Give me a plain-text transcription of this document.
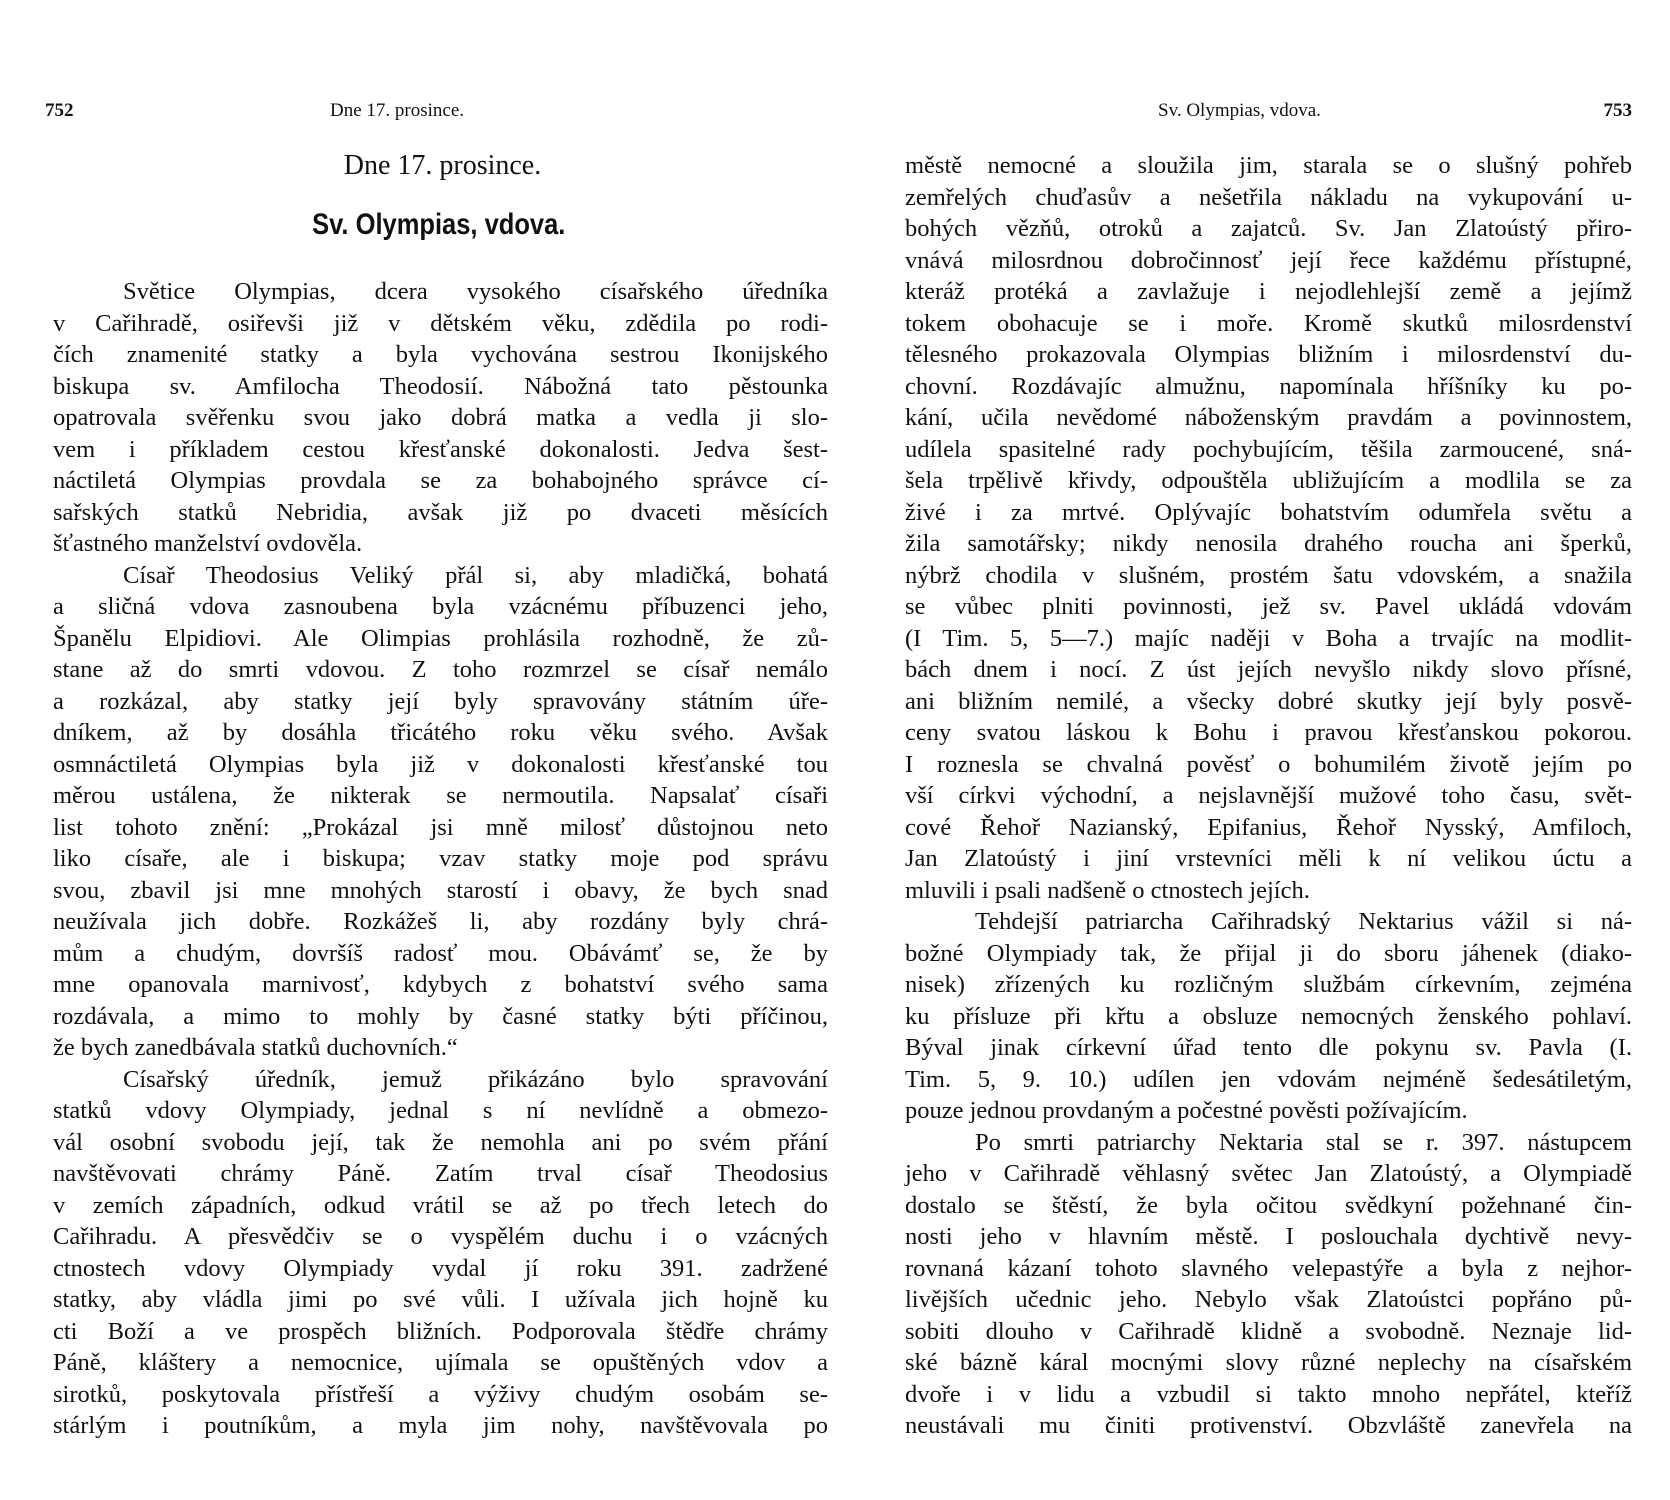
752	Dne 17. prosince.
Dne 17. prosince.
Sv. Olympias, vdova.
Světice Olympias, dcera vysokého císařského úředníka
v Cařihradě, osiřevši již v dětském věku, zdědila po rodi-
čích znamenité statky a byla vychována sestrou Ikonijského
biskupa sv. Amfilocha Theodosií. Nábožná tato pěstounka
opatrovala svěřenku svou jako dobrá matka a vedla ji slo-
vem i příkladem cestou křesťanské dokonalosti. Jedva šest-
náctiletá Olympias provdala se za bohabojného správce cí-
sařských statků Nebridia, avšak již po dvaceti měsících
šťastného manželství ovdověla.
Císař Theodosius Veliký přál si, aby mladičká, bohatá
a sličná vdova zasnoubena byla vzácnému příbuzenci jeho,
Španělu Elpidiovi. Ale Olimpias prohlásila rozhodně, že zů-
stane až do smrti vdovou. Z toho rozmrzel se císař nemálo
a rozkázal, aby statky její byly spravovány státním úře-
dníkem, až by dosáhla třicátého roku věku svého. Avšak
osmnáctiletá Olympias byla již v dokonalosti křesťanské tou
měrou ustálena, že nikterak se nermoutila. Napsalať císaři
list tohoto znění: „Prokázal jsi mně milosť důstojnou neto
liko císaře, ale i biskupa; vzav statky moje pod správu
svou, zbavil jsi mne mnohých starostí i obavy, že bych snad
neužívala jich dobře. Rozkážeš li, aby rozdány byly chrá-
mům a chudým, dovršíš radosť mou. Obávámť se, že by
mne opanovala marnivosť, kdybych z bohatství svého sama
rozdávala, a mimo to mohly by časné statky býti příčinou,
že bych zanedbávala statků duchovních.“
Císařský úředník, jemuž přikázáno bylo spravování
statků vdovy Olympiady, jednal s ní nevlídně a obmezo-
vál osobní svobodu její, tak že nemohla ani po svém přání
navštěvovati chrámy Páně. Zatím trval císař Theodosius
v zemích západních, odkud vrátil se až po třech letech do
Cařihradu. A přesvědčiv se o vyspělém duchu i o vzácných
ctnostech vdovy Olympiady vydal jí roku 391. zadržené
statky, aby vládla jimi po své vůli. I užívala jich hojně ku
cti Boží a ve prospěch bližních. Podporovala štědře chrámy
Páně, kláštery a nemocnice, ujímala se opuštěných vdov a
sirotků, poskytovala přístřeší a výživy chudým osobám se-
stárlým i poutníkům, a myla jim nohy, navštěvovala po
Sv. Olympias, vdova.	753
městě nemocné a sloužila jim, starala se o slušný pohřeb
zemřelých chuďasův a nešetřila nákladu na vykupování u-
bohých vězňů, otroků a zajatců. Sv. Jan Zlatoústý přiro-
vnává milosrdnou dobročinnosť její řece každému přístupné,
kteráž protéká a zavlažuje i nejodlehlejší země a jejímž
tokem obohacuje se i moře. Kromě skutků milosrdenství
tělesného prokazovala Olympias bližním i milosrdenství du-
chovní. Rozdávajíc almužnu, napomínala hříšníky ku po-
kání, učila nevědomé náboženským pravdám a povinnostem,
udílela spasitelné rady pochybujícím, těšila zarmoucené, sná-
šela trpělivě křivdy, odpouštěla ubližujícím a modlila se za
živé i za mrtvé. Oplývajíc bohatstvím odumřela světu a
žila samotářsky; nikdy nenosila drahého roucha ani šperků,
nýbrž chodila v slušném, prostém šatu vdovském, a snažila
se vůbec plniti povinnosti, jež sv. Pavel ukládá vdovám
(I Tim. 5, 5—7.) majíc naději v Boha a trvajíc na modlit-
bách dnem i nocí. Z úst jejích nevyšlo nikdy slovo přísné,
ani bližním nemilé, a všecky dobré skutky její byly posvě-
ceny svatou láskou k Bohu i pravou křesťanskou pokorou.
I roznesla se chvalná pověsť o bohumilém životě jejím po
vší církvi východní, a nejslavnější mužové toho času, svět-
cové Řehoř Nazianský, Epifanius, Řehoř Nysský, Amfiloch,
Jan Zlatoústý i jiní vrstevníci měli k ní velikou úctu a
mluvili i psali nadšeně o ctnostech jejích.
Tehdejší patriarcha Cařihradský Nektarius vážil si ná-
božné Olympiady tak, že přijal ji do sboru jáhenek (diako-
nisek) zřízených ku rozličným službám církevním, zejména
ku přísluze při křtu a obsluze nemocných ženského pohlaví.
Býval jinak církevní úřad tento dle pokynu sv. Pavla (I.
Tim. 5, 9. 10.) udílen jen vdovám nejméně šedesátiletým,
pouze jednou provdaným a počestné pověsti požívajícím.
Po smrti patriarchy Nektaria stal se r. 397. nástupcem
jeho v Cařihradě věhlasný světec Jan Zlatoústý, a Olympiadě
dostalo se štěstí, že byla očitou svědkyní požehnané čin-
nosti jeho v hlavním městě. I poslouchala dychtivě nevy-
rovnaná kázaní tohoto slavného velepastýře a byla z nejhor-
livějších učednic jeho. Nebylo však Zlatoústci popřáno pů-
sobiti dlouho v Cařihradě klidně a svobodně. Neznaje lid-
ské bázně káral mocnými slovy různé neplechy na císařském
dvoře i v lidu a vzbudil si takto mnoho nepřátel, kteříž
neustávali mu činiti protivenství. Obzvláště zanevřela na
